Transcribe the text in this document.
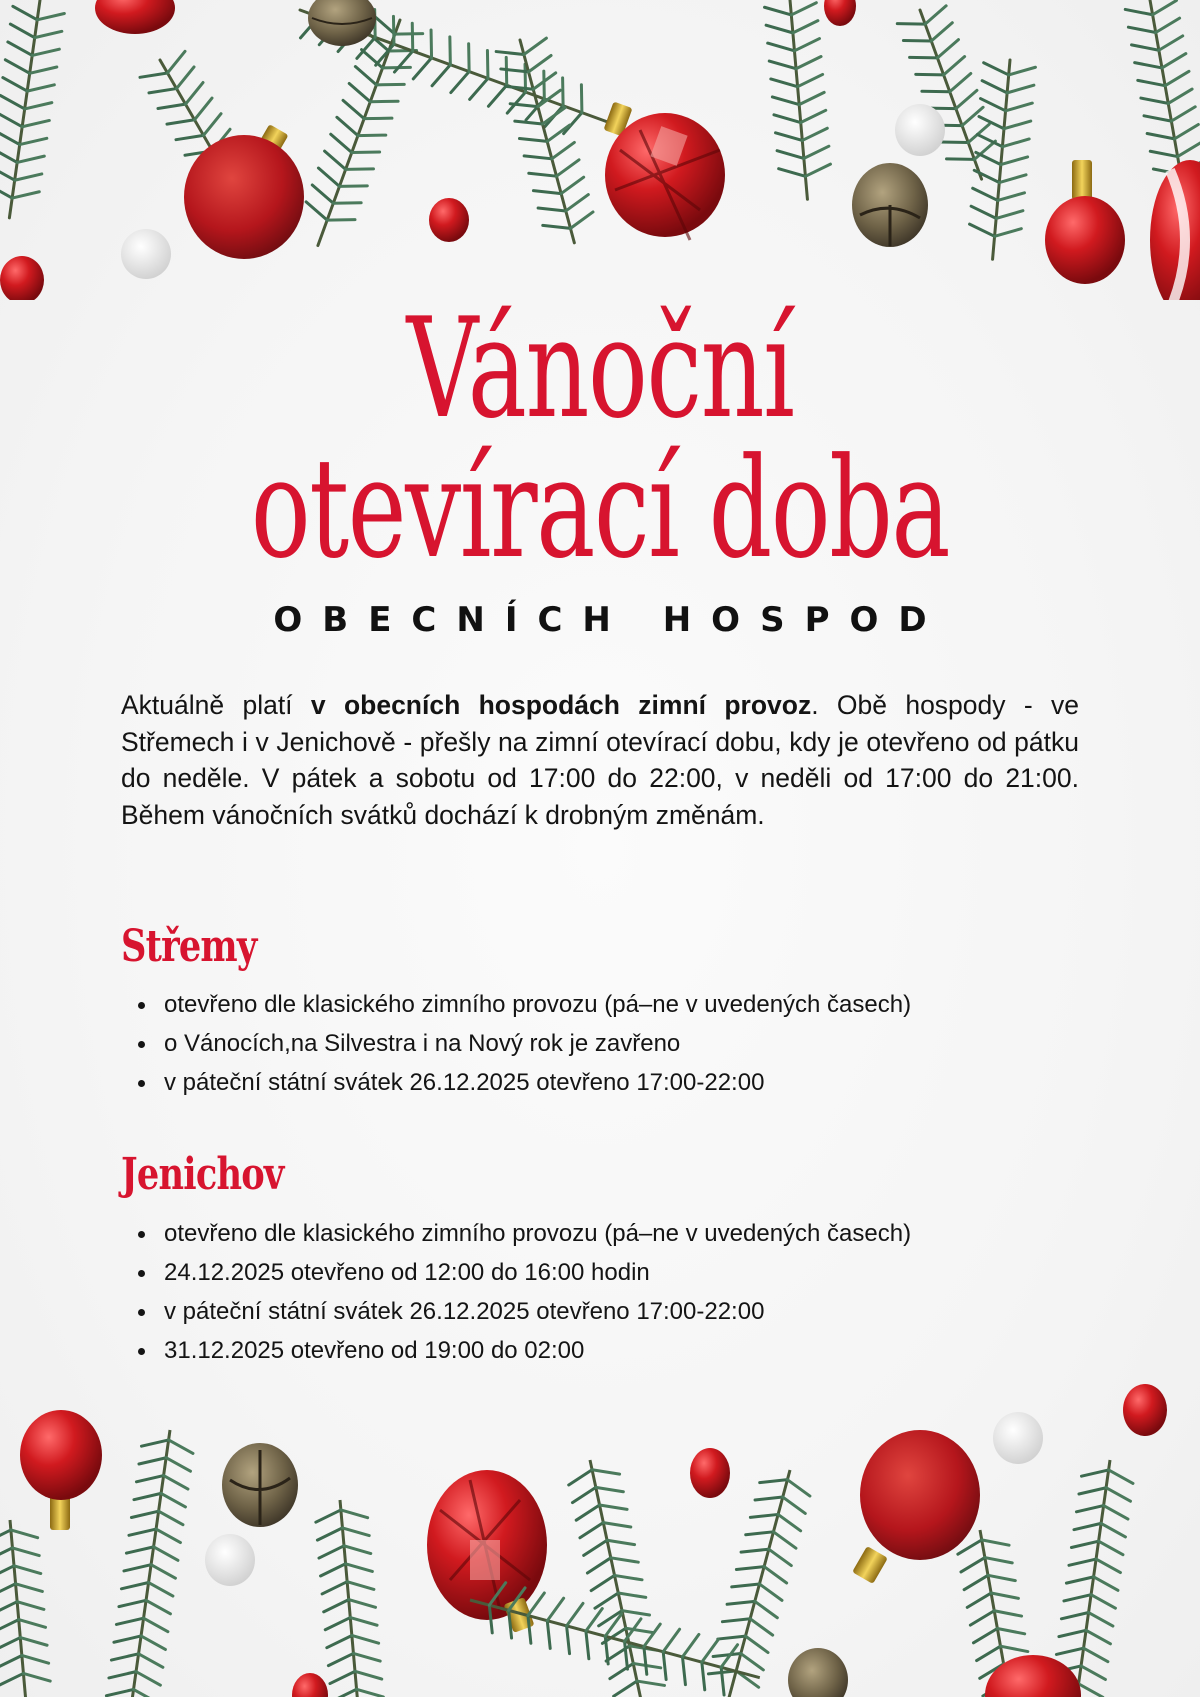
Vánoční
otevírací doba
OBECNÍCH HOSPOD

Aktuálně platí v obecních hospodách zimní provoz. Obě hospody - ve Střemech i v Jenichově - přešly na zimní otevírací dobu, kdy je otevřeno od pátku do neděle. V pátek a sobotu od 17:00 do 22:00, v neděli od 17:00 do 21:00. Během vánočních svátků dochází k drobným změnám.

Střemy
otevřeno dle klasického zimního provozu (pá–ne v uvedených časech)
o Vánocích,na Silvestra i na Nový rok je zavřeno
v páteční státní svátek 26.12.2025 otevřeno 17:00-22:00
Jenichov
otevřeno dle klasického zimního provozu (pá–ne v uvedených časech)
24.12.2025 otevřeno od 12:00 do 16:00 hodin
v páteční státní svátek 26.12.2025 otevřeno 17:00-22:00
31.12.2025 otevřeno od 19:00 do 02:00
